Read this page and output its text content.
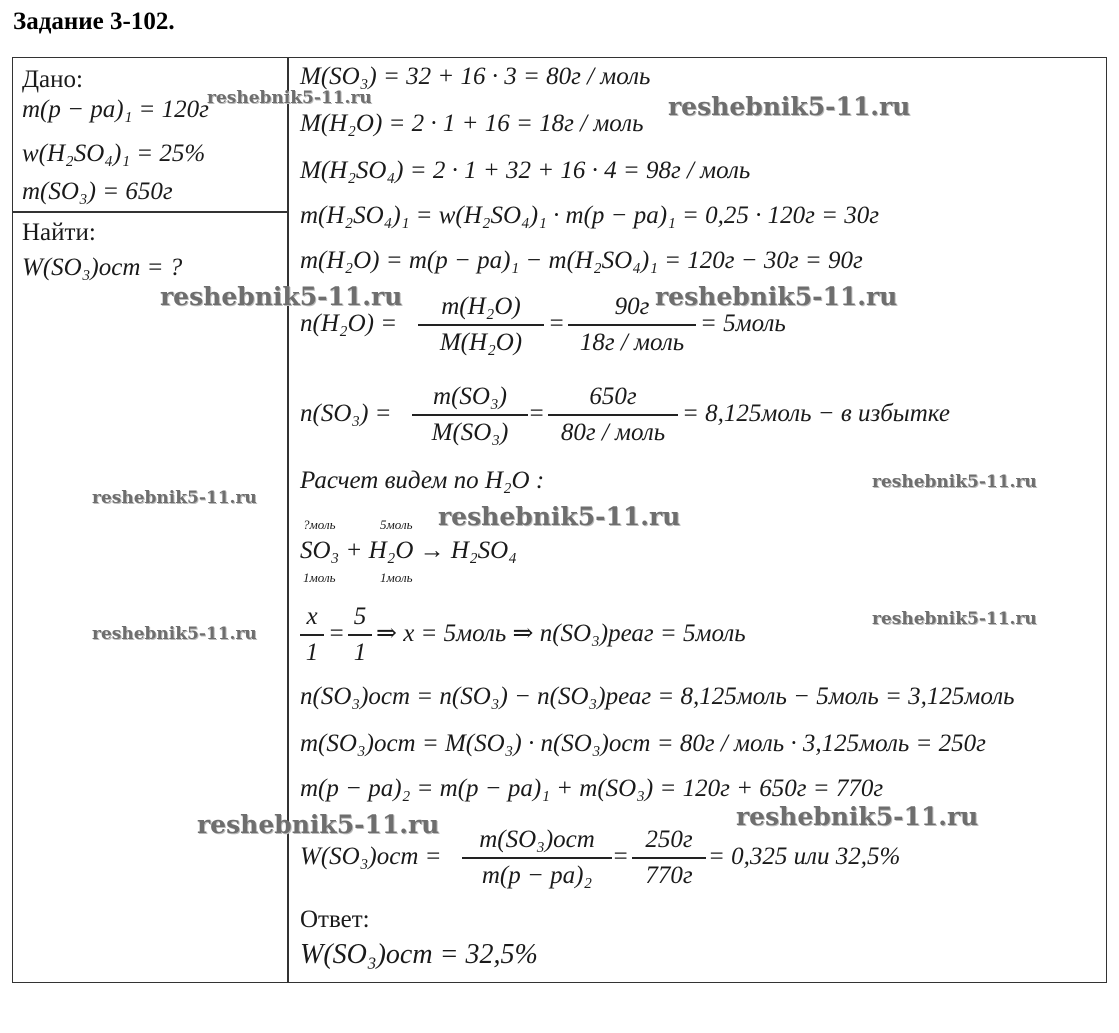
Задание 3-102.
Дано:
m(p − pa)₁ = 120г
w(H₂SO₄)₁ = 25%
m(SO₃) = 650г
Найти:
W(SO₃)ост = ?
M(SO₃) = 32 + 16 · 3 = 80г / моль
M(H₂O) = 2 · 1 + 16 = 18г / моль
M(H₂SO₄) = 2 · 1 + 32 + 16 · 4 = 98г / моль
m(H₂SO₄)₁ = w(H₂SO₄)₁ · m(p − pa)₁ = 0,25 · 120г = 30г
m(H₂O) = m(p − pa)₁ − m(H₂SO₄)₁ = 120г − 30г = 90г
n(H₂O) =
m(H₂O)
M(H₂O)
=
90г
18г / моль
= 5моль
n(SO₃) =
m(SO₃)
M(SO₃)
=
650г
80г / моль
= 8,125моль − в избытке
Расчет видем по H₂O :
?моль	5моль
SO₃ + H₂O → H₂SO₄
1моль	1моль
x
1
=
5
1
⇒ x = 5моль ⇒ n(SO₃)реаг = 5моль
n(SO₃)ост = n(SO₃) − n(SO₃)реаг = 8,125моль − 5моль = 3,125моль
m(SO₃)ост = M(SO₃) · n(SO₃)ост = 80г / моль · 3,125моль = 250г
m(p − pa)₂ = m(p − pa)₁ + m(SO₃) = 120г + 650г = 770г
W(SO₃)ост =
m(SO₃)ост
m(p − pa)₂
=
250г
770г
= 0,325 или 32,5%
Ответ:
W(SO₃)ост = 32,5%
reshebnik5-11.ru	reshebnik5-11.ru
reshebnik5-11.ru	reshebnik5-11.ru
reshebnik5-11.ru
reshebnik5-11.ru
reshebnik5-11.ru
reshebnik5-11.ru
reshebnik5-11.ru
reshebnik5-11.ru	reshebnik5-11.ru
